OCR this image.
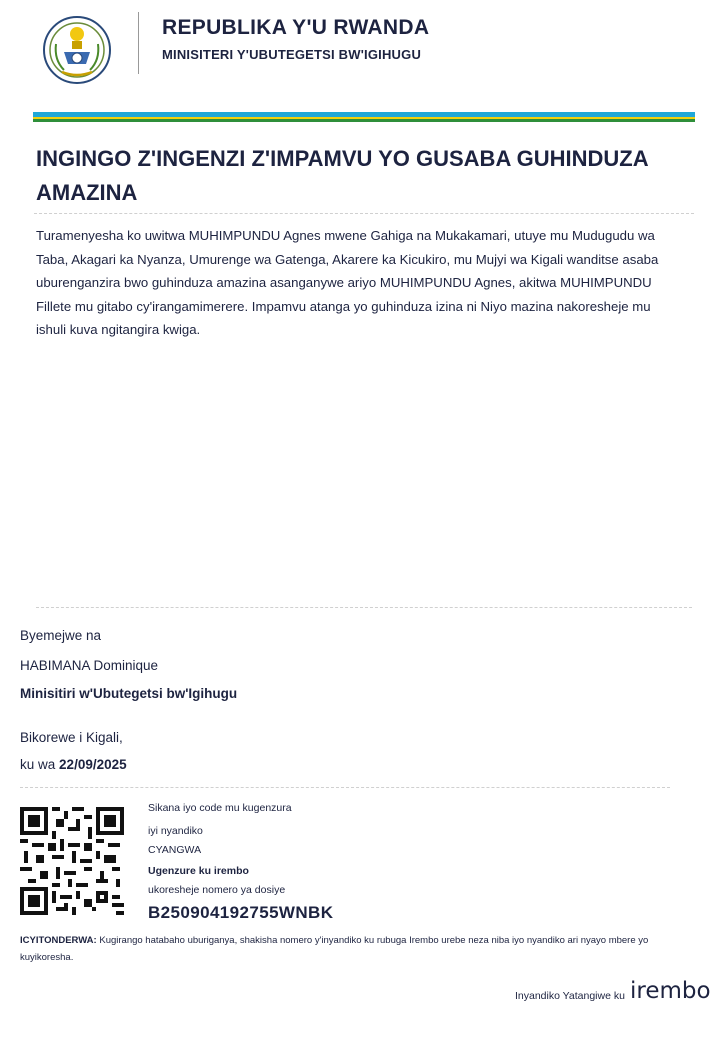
REPUBLIKA Y'U RWANDA
MINISITERI Y'UBUTEGETSI BW'IGIHUGU
INGINGO Z'INGENZI Z'IMPAMVU YO GUSABA GUHINDUZA AMAZINA
Turamenyesha ko uwitwa MUHIMPUNDU Agnes mwene Gahiga na Mukakamari, utuye mu Mudugudu wa Taba, Akagari ka Nyanza, Umurenge wa Gatenga, Akarere ka Kicukiro, mu Mujyi wa Kigali wanditse asaba uburenganzira bwo guhinduza amazina asanganywe ariyo MUHIMPUNDU Agnes, akitwa MUHIMPUNDU Fillete mu gitabo cy'irangamimerere. Impamvu atanga yo guhinduza izina ni Niyo mazina nakoresheje mu ishuli kuva ngitangira kwiga.
Byemejwe na
HABIMANA Dominique
Minisitiri w'Ubutegetsi bw'Igihugu
Bikorewe i Kigali,
ku wa 22/09/2025
Sikana iyo code mu kugenzura
iyi nyandiko
CYANGWA
Ugenzure ku irembo
ukoresheje nomero ya dosiye
B250904192755WNBK
ICYITONDERWA: Kugirango hatabaho uburiganya, shakisha nomero y'inyandiko ku rubuga Irembo urebe neza niba iyo nyandiko ari nyayo mbere yo kuyikoresha.
Inyandiko Yatangiwe ku irembo
